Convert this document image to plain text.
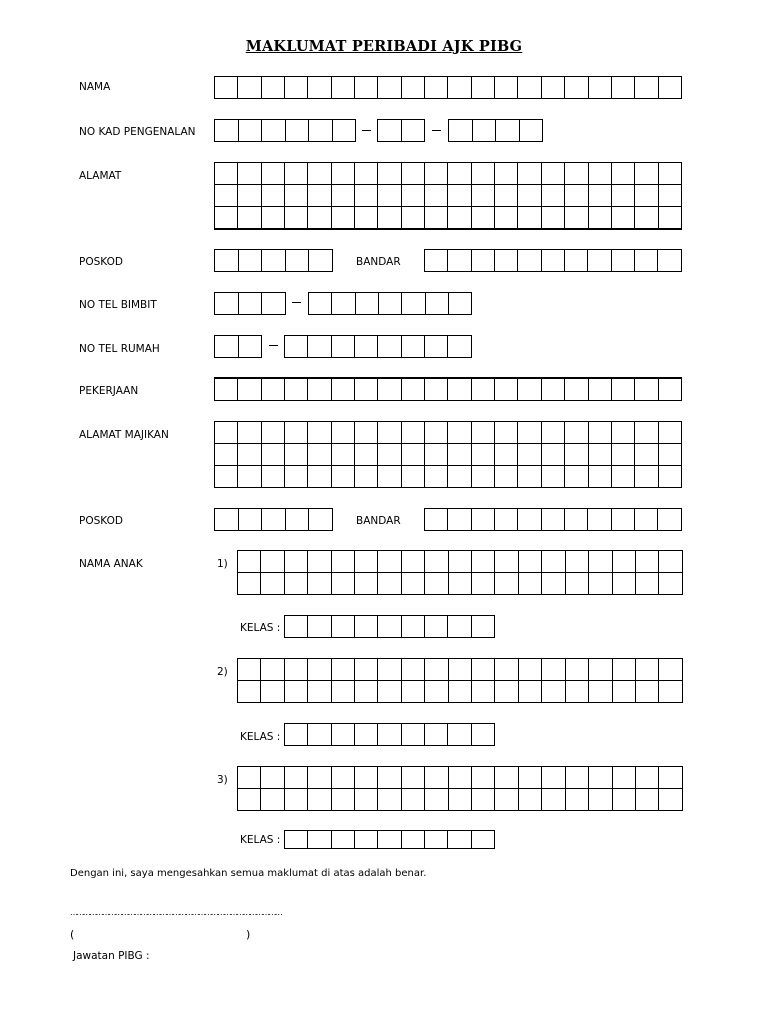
MAKLUMAT PERIBADI AJK PIBG
NAMA
NO KAD PENGENALAN
ALAMAT
POSKOD	BANDAR
NO TEL BIMBIT
NO TEL RUMAH
PEKERJAAN
ALAMAT MAJIKAN
POSKOD	BANDAR
NAMA ANAK	1)
KELAS :
2)
KELAS :
3)
KELAS :
Dengan ini, saya mengesahkan semua maklumat di atas adalah benar.
………………………………………………………………………………………
(	)
Jawatan PIBG :
